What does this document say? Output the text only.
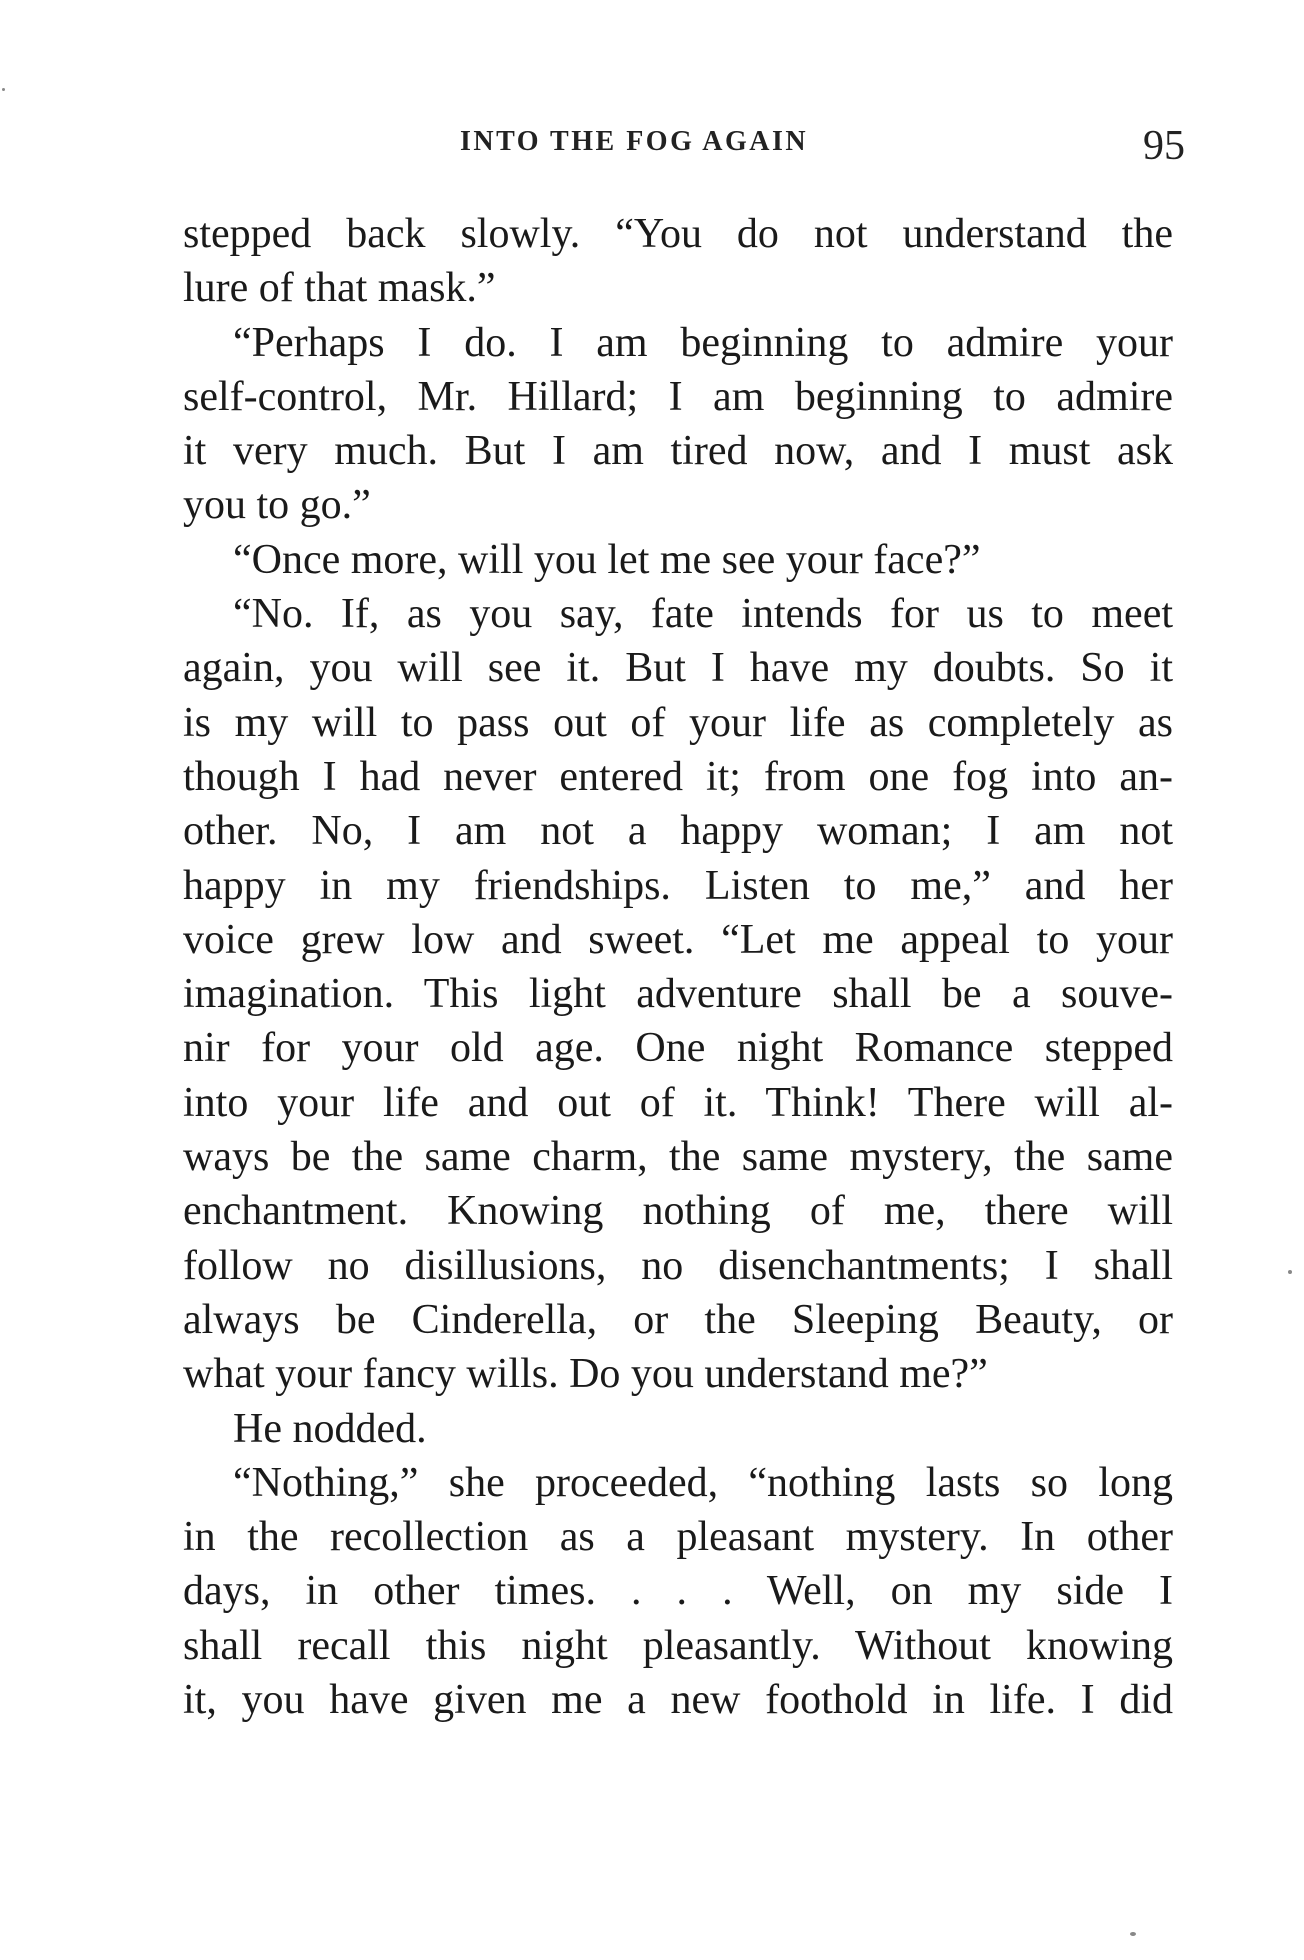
INTO THE FOG AGAIN	95
stepped back slowly. “You do not understand the
lure of that mask.”
“Perhaps I do. I am beginning to admire your
self-control, Mr. Hillard; I am beginning to admire
it very much. But I am tired now, and I must ask
you to go.”
“Once more, will you let me see your face?”
“No. If, as you say, fate intends for us to meet
again, you will see it. But I have my doubts. So it
is my will to pass out of your life as completely as
though I had never entered it; from one fog into an-
other. No, I am not a happy woman; I am not
happy in my friendships. Listen to me,” and her
voice grew low and sweet. “Let me appeal to your
imagination. This light adventure shall be a souve-
nir for your old age. One night Romance stepped
into your life and out of it. Think! There will al-
ways be the same charm, the same mystery, the same
enchantment. Knowing nothing of me, there will
follow no disillusions, no disenchantments; I shall
always be Cinderella, or the Sleeping Beauty, or
what your fancy wills. Do you understand me?”
He nodded.
“Nothing,” she proceeded, “nothing lasts so long
in the recollection as a pleasant mystery. In other
days, in other times. . . . Well, on my side I
shall recall this night pleasantly. Without knowing
it, you have given me a new foothold in life. I did
